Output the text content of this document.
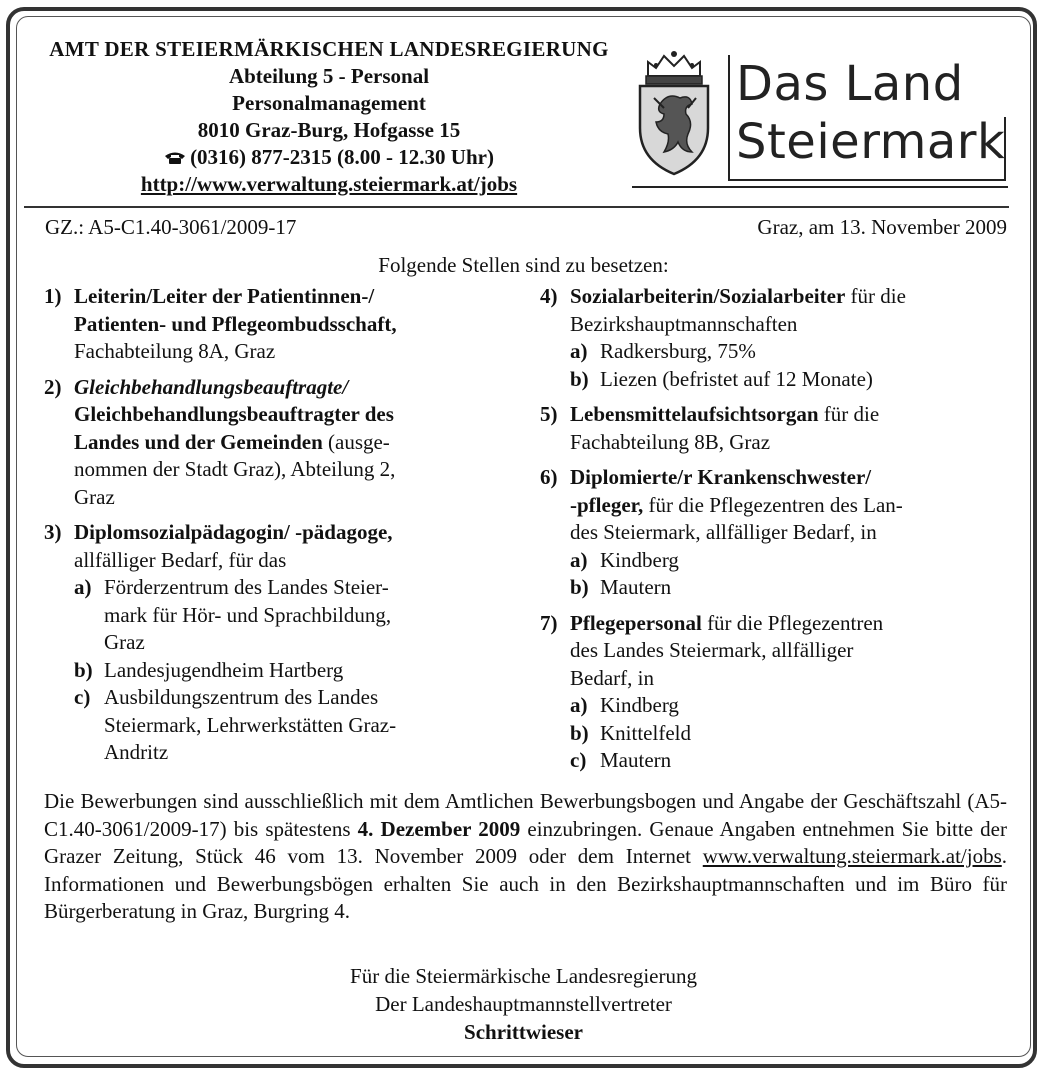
AMT DER STEIERMÄRKISCHEN LANDESREGIERUNG
Abteilung 5 - Personal
Personalmanagement
8010 Graz-Burg, Hofgasse 15
(0316) 877-2315 (8.00 - 12.30 Uhr)
http://www.verwaltung.steiermark.at/jobs
Das Land
Steiermark
GZ.: A5-C1.40-3061/2009-17	Graz, am 13. November 2009
Folgende Stellen sind zu besetzen:
1) Leiterin/Leiter der Patientinnen-/
Patienten- und Pflegeombudsschaft,
Fachabteilung 8A, Graz
2) Gleichbehandlungsbeauftragte/
Gleichbehandlungsbeauftragter des
Landes und der Gemeinden (ausge-
nommen der Stadt Graz), Abteilung 2,
Graz
3) Diplomsozialpädagogin/ -pädagoge,
allfälliger Bedarf, für das
a) Förderzentrum des Landes Steier-
mark für Hör- und Sprachbildung,
Graz
b) Landesjugendheim Hartberg
c) Ausbildungszentrum des Landes
Steiermark, Lehrwerkstätten Graz-
Andritz
4) Sozialarbeiterin/Sozialarbeiter für die
Bezirkshauptmannschaften
a) Radkersburg, 75%
b) Liezen (befristet auf 12 Monate)
5) Lebensmittelaufsichtsorgan für die
Fachabteilung 8B, Graz
6) Diplomierte/r Krankenschwester/
-pfleger, für die Pflegezentren des Lan-
des Steiermark, allfälliger Bedarf, in
a) Kindberg
b) Mautern
7) Pflegepersonal für die Pflegezentren
des Landes Steiermark, allfälliger
Bedarf, in
a) Kindberg
b) Knittelfeld
c) Mautern
Die Bewerbungen sind ausschließlich mit dem Amtlichen Bewerbungsbogen und Angabe der Geschäftszahl (A5-C1.40-3061/2009-17) bis spätestens 4. Dezember 2009 einzubringen. Genaue Angaben entnehmen Sie bitte der Grazer Zeitung, Stück 46 vom 13. November 2009 oder dem Internet www.verwaltung.steiermark.at/jobs. Informationen und Bewerbungsbögen erhalten Sie auch in den Bezirkshauptmannschaften und im Büro für Bürgerberatung in Graz, Burgring 4.
Für die Steiermärkische Landesregierung
Der Landeshauptmannstellvertreter
Schrittwieser
